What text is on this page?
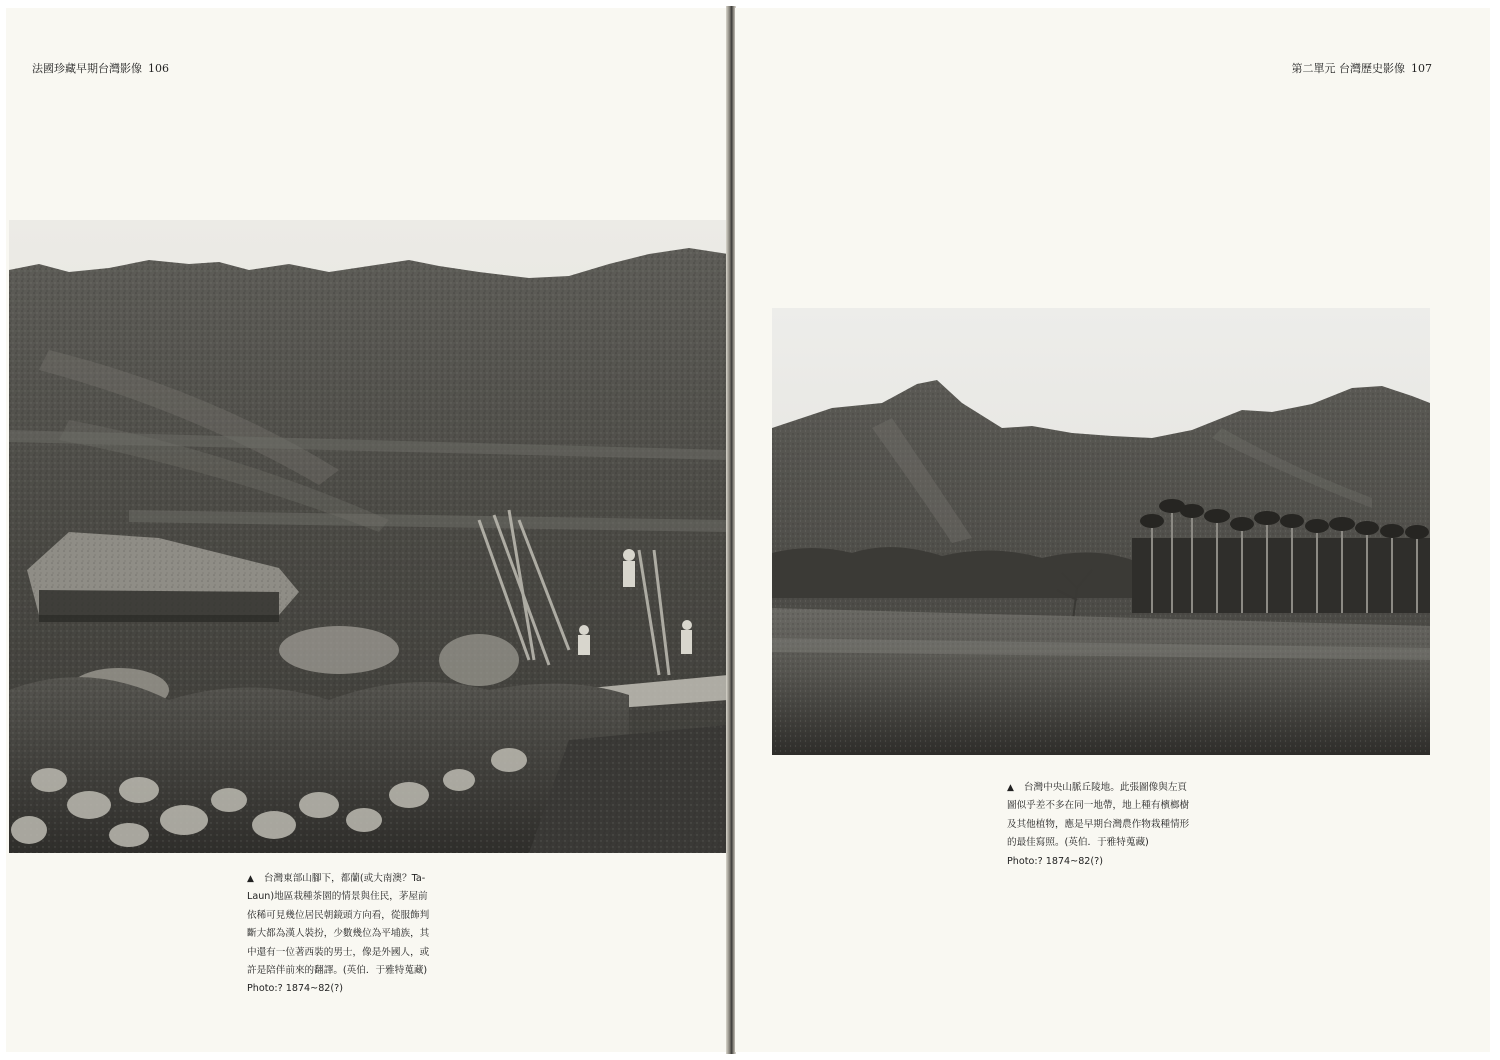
法國珍藏早期台灣影像 106
▲ 台灣東部山腳下，都蘭(或大南澳？Ta-
Laun)地區栽種茶園的情景與住民，茅屋前
依稀可見幾位居民朝鏡頭方向看，從服飾判
斷大都為漢人裝扮，少數幾位為平埔族，其
中還有一位著西裝的男士，像是外國人，或
許是陪伴前來的翻譯。(英伯．于雅特蒐藏)
Photo:? 1874~82(?)
第二單元 台灣歷史影像 107
▲ 台灣中央山脈丘陵地。此張圖像與左頁
圖似乎差不多在同一地帶，地上種有檳榔樹
及其他植物，應是早期台灣農作物栽種情形
的最佳寫照。(英伯．于雅特蒐藏)
Photo:? 1874~82(?)
